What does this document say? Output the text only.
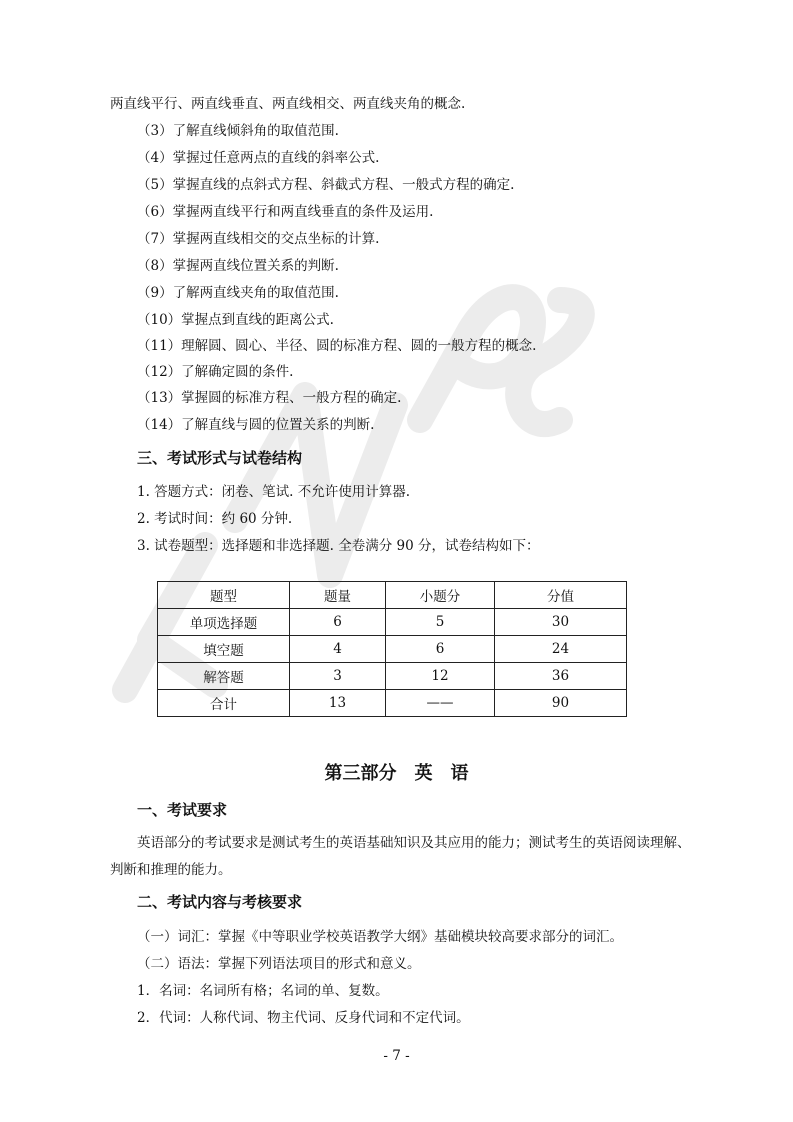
两直线平行、两直线垂直、两直线相交、两直线夹角的概念.
（3）了解直线倾斜角的取值范围.
（4）掌握过任意两点的直线的斜率公式.
（5）掌握直线的点斜式方程、斜截式方程、一般式方程的确定.
（6）掌握两直线平行和两直线垂直的条件及运用.
（7）掌握两直线相交的交点坐标的计算.
（8）掌握两直线位置关系的判断.
（9）了解两直线夹角的取值范围.
（10）掌握点到直线的距离公式.
（11）理解圆、圆心、半径、圆的标准方程、圆的一般方程的概念.
（12）了解确定圆的条件.
（13）掌握圆的标准方程、一般方程的确定.
（14）了解直线与圆的位置关系的判断.
三、考试形式与试卷结构
1. 答题方式：闭卷、笔试. 不允许使用计算器.
2. 考试时间：约 60 分钟.
3. 试卷题型：选择题和非选择题. 全卷满分 90 分，试卷结构如下：
题型	题量	小题分	分值
单项选择题	6	5	30
填空题	4	6	24
解答题	3	12	36
合计	13	——	90
第三部分　英　语
一、考试要求
英语部分的考试要求是测试考生的英语基础知识及其应用的能力；测试考生的英语阅读理解、判断和推理的能力。
二、考试内容与考核要求
（一）词汇：掌握《中等职业学校英语教学大纲》基础模块较高要求部分的词汇。
（二）语法：掌握下列语法项目的形式和意义。
1．名词：名词所有格；名词的单、复数。
2．代词：人称代词、物主代词、反身代词和不定代词。
- 7 -
